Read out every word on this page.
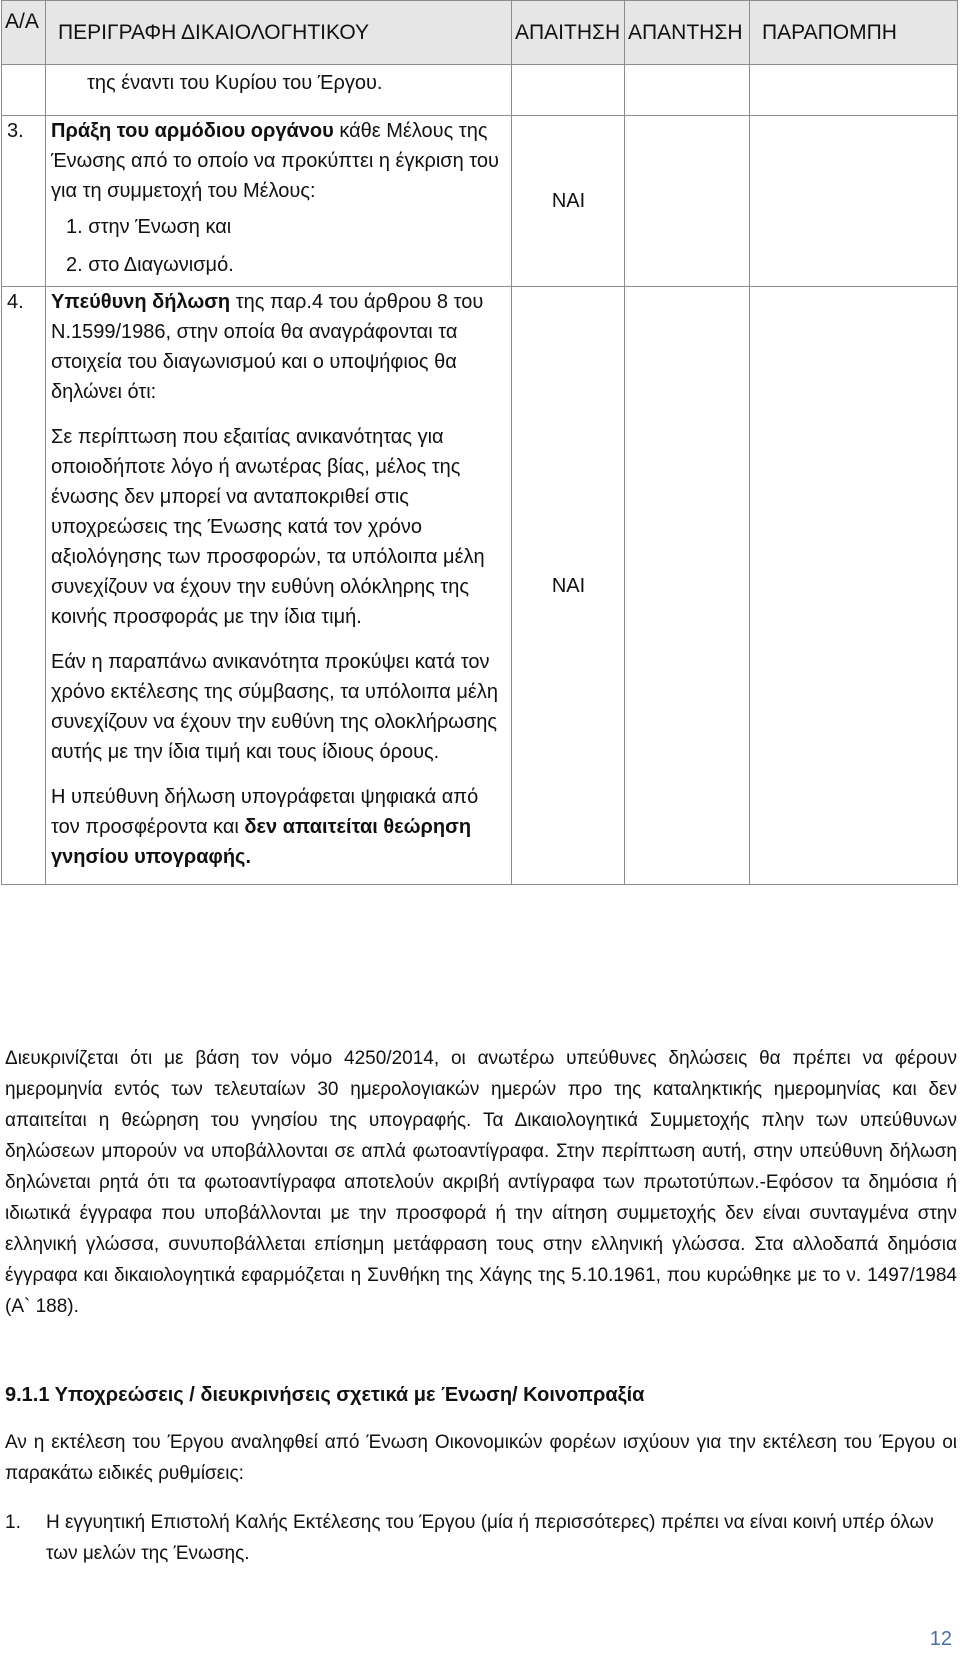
Α/Α	ΠΕΡΙΓΡΑΦΗ ΔΙΚΑΙΟΛΟΓΗΤΙΚΟΥ	ΑΠΑΙΤΗΣΗ	ΑΠΑΝΤΗΣΗ	ΠΑΡΑΠΟΜΠΗ
	της έναντι του Κυρίου του Έργου.			
3.	Πράξη του αρμόδιου οργάνου κάθε Μέλους της Ένωσης από το οποίο να προκύπτει η έγκριση του για τη συμμετοχή του Μέλους:
1. στην Ένωση και
2. στο Διαγωνισμό.	ΝΑΙ		
4.	Υπεύθυνη δήλωση της παρ.4 του άρθρου 8 του Ν.1599/1986, στην οποία θα αναγράφονται τα στοιχεία του διαγωνισμού και ο υποψήφιος θα δηλώνει ότι:

Σε περίπτωση που εξαιτίας ανικανότητας για οποιοδήποτε λόγο ή ανωτέρας βίας, μέλος της ένωσης δεν μπορεί να ανταποκριθεί στις υποχρεώσεις της Ένωσης κατά τον χρόνο αξιολόγησης των προσφορών, τα υπόλοιπα μέλη συνεχίζουν να έχουν την ευθύνη ολόκληρης της κοινής προσφοράς με την ίδια τιμή.

Εάν η παραπάνω ανικανότητα προκύψει κατά τον χρόνο εκτέλεσης της σύμβασης, τα υπόλοιπα μέλη συνεχίζουν να έχουν την ευθύνη της ολοκλήρωσης αυτής με την ίδια τιμή και τους ίδιους όρους.

Η υπεύθυνη δήλωση υπογράφεται ψηφιακά από τον προσφέροντα και δεν απαιτείται θεώρηση γνησίου υπογραφής.	ΝΑΙ		

Διευκρινίζεται ότι με βάση τον νόμο 4250/2014, οι ανωτέρω υπεύθυνες δηλώσεις θα πρέπει να φέρουν ημερομηνία εντός των τελευταίων 30 ημερολογιακών ημερών προ της καταληκτικής ημερομηνίας και δεν απαιτείται η θεώρηση του γνησίου της υπογραφής. Τα Δικαιολογητικά Συμμετοχής πλην των υπεύθυνων δηλώσεων μπορούν να υποβάλλονται σε απλά φωτοαντίγραφα. Στην περίπτωση αυτή, στην υπεύθυνη δήλωση δηλώνεται ρητά ότι τα φωτοαντίγραφα αποτελούν ακριβή αντίγραφα των πρωτοτύπων.-Εφόσον τα δημόσια ή ιδιωτικά έγγραφα που υποβάλλονται με την προσφορά ή την αίτηση συμμετοχής δεν είναι συνταγμένα στην ελληνική γλώσσα, συνυποβάλλεται επίσημη μετάφραση τους στην ελληνική γλώσσα. Στα αλλοδαπά δημόσια έγγραφα και δικαιολογητικά εφαρμόζεται η Συνθήκη της Χάγης της 5.10.1961, που κυρώθηκε με το ν. 1497/1984 (Α` 188).

9.1.1 Υποχρεώσεις / διευκρινήσεις σχετικά με Ένωση/ Κοινοπραξία

Αν η εκτέλεση του Έργου αναληφθεί από Ένωση Οικονομικών φορέων ισχύουν για την εκτέλεση του Έργου οι παρακάτω ειδικές ρυθμίσεις:

1. Η εγγυητική Επιστολή Καλής Εκτέλεσης του Έργου (μία ή περισσότερες) πρέπει να είναι κοινή υπέρ όλων των μελών της Ένωσης.
12
